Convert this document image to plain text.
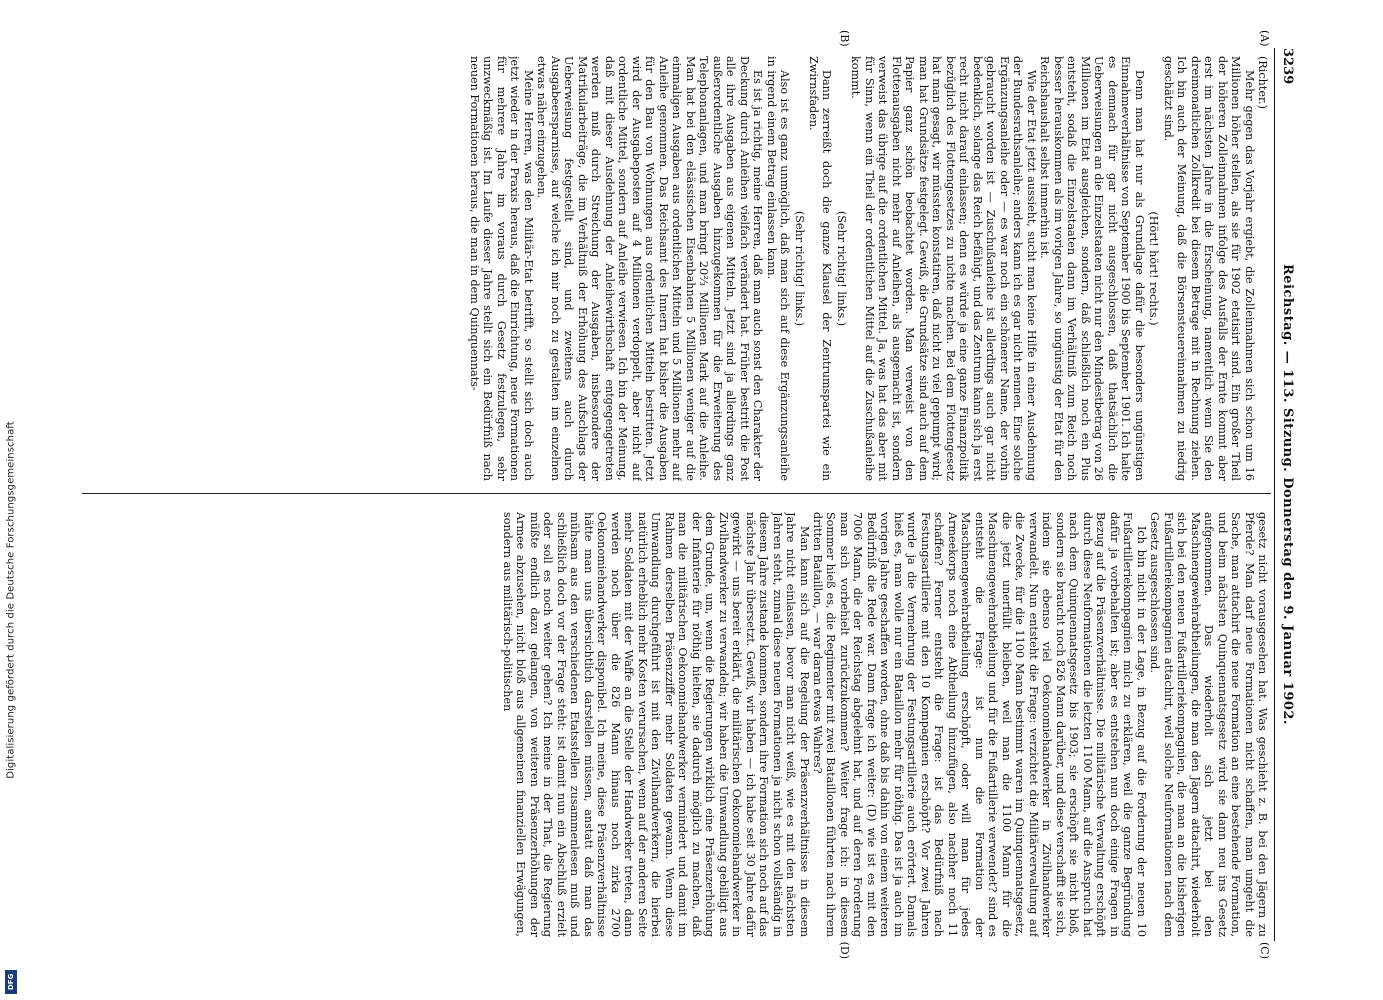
Digitalisierung gefördert durch die Deutsche Forschungsgemeinschaft
DFG
3239
Reichstag. — 113. Sitzung. Donnerstag den 9. Januar 1902.

(Richter.)

Mehr gegen das Vorjahr ergiebt, die Zolleinnahmen sich schon um 16 Millionen höher stellen, als sie für 1902 etatisirt sind. Ein großer Theil der höheren Zolleinnahmen infolge des Ausfalls der Ernte kommt aber erst im nächsten Jahre in die Erscheinung, namentlich wenn Sie den dreimonatlichen Zollkredit bei diesem Betrage mit in Rechnung ziehen. Ich bin auch der Meinung, daß die Börsensteuereinnahmen zu niedrig geschätzt sind.

(Hört! hört! rechts.)

Denn man hat nur als Grundlage dafür die besonders ungünstigen Einnahmeverhältnisse von September 1900 bis September 1901. Ich halte es demnach für gar nicht ausgeschlossen, daß thatsächlich die Ueberweisungen an die Einzelstaaten nicht nur den Mindestbetrag von 26 Millionen im Etat ausgleichen, sondern, daß schließlich noch ein Plus entsteht, sodaß die Einzelstaaten dann im Verhältniß zum Reich noch besser herauskommen als im vorigen Jahre, so ungünstig der Etat für den Reichshaushalt selbst immerhin ist.

Wie der Etat jetzt aussieht, sucht man keine Hilfe in einer Ausdehnung der Bundesrathsanleihe; anders kann ich es gar nicht nennen. Eine solche Ergänzungsanleihe oder — es war noch ein schönerer Name, der vorhin gebraucht worden ist — Zuschußanleihe ist allerdings auch gar nicht bedenklich, solange das Reich befähigt, und das Zentrum kann sich ja erst recht nicht darauf einlassen; denn es würde ja eine ganze Finanzpolitik bezüglich des Flottengesetzes zu nichte machen. Bei dem Flottengesetz hat man gesagt, wir müssten konstatiren, daß nicht zu viel gepumpt wird; man hat Grundsätze festgelegt. Gewiß, die Grundsätze sind auch auf dem Papier ganz schön beobachtet worden. Man verweist von den Flottenausgaben nicht mehr auf Anleihen, als ausgemacht ist, sondern verweist das übrige auf die ordentlichen Mittel. Ja, was hat das aber mit für Sinn, wenn ein Theil der ordentlichen Mittel auf die Zuschußanleihe kommt.

(Sehr richtig! links.)

Dann zerreißt doch die ganze Klausel der Zentrumspartei wie ein Zwirnsfaden.

(Sehr richtig! links.)

Also ist es ganz unmöglich, daß man sich auf diese Ergänzungsanleihe in irgend einem Betrag einlassen kann.

Es ist ja richtig, meine Herren, daß man auch sonst den Charakter der Deckung durch Anleihen vielfach verändert hat. Früher bestritt die Post alle ihre Ausgaben aus eigenen Mitteln. Jetzt sind ja allerdings ganz außerordentliche Ausgaben hinzugekommen für die Erweiterung des Telephonanlagen, und man bringt 20⅔ Millionen Mark auf die Anleihe. Man hat bei den elsässischen Eisenbahnen 5 Millionen weniger auf die einmaligen Ausgaben aus ordentlichen Mitteln und 5 Millionen mehr auf Anleihe genommen. Das Reichsamt des Innern hat bisher die Ausgaben für den Bau von Wohnungen aus ordentlichen Mitteln bestritten. Jetzt wird der Ausgabeposten auf 4 Millionen verdoppelt, aber nicht auf ordentliche Mittel, sondern auf Anleihe verwiesen. Ich bin der Meinung, daß mit dieser Ausdehnung der Anleihewirthschaft entgegengetreten werden muß durch Streichung der Ausgaben, insbesondere der Matrikularbeiträge, die im Verhältniß der Erhöhung des Aufschlags der Ueberweisung festgestellt sind, und zweitens auch durch Ausgabeersparnisse, auf welche ich mir noch zu gestalten im einzelnen etwas näher einzugehen.

Meine Herren, was den Militär-Etat betrifft, so stellt sich doch auch jetzt wieder in der Praxis heraus, daß die Einrichtung, neue Formationen für mehrere Jahre im voraus durch Gesetz festzulegen, sehr unzweckmäßig ist. Im Laufe dieser Jahre stellt sich ein Bedürfniß nach neuen Formationen heraus, die man in dem Quinquennats-

gesetz nicht vorausgesehen hat. Was geschieht z. B. bei den Jägern zu Pferde? Man darf neue Formationen nicht schaffen, man umgeht die Sache, man attachirt die neue Formation an eine bestehende Formation, und beim nächsten Quinquennatsgesetz wird sie dann neu ins Gesetz aufgenommen. Das wiederholt sich jetzt bei den Maschinengewehrabtheilungen, die man den Jägern attachirt, wiederholt sich bei den neuen Fußartilleriekompagnien, die man an die bisherigen Fußartilleriekompagnien attachirt, weil solche Neuformationen nach dem Gesetz ausgeschlossen sind.

Ich bin nicht in der Lage, in Bezug auf die Forderung der neuen 10 Fußartilleriekompagnien mich zu erklären, weil die ganze Begründung dafür ja vorbehalten ist; aber es entstehen nun doch einige Fragen in Bezug auf die Präsenzverhältnisse. Die militärische Verwaltung erschöpft durch diese Neuformationen die letzten 1100 Mann, auf die Anspruch hat nach dem Quinquennatsgesetz bis 1903; sie erschöpft sie nicht bloß, sondern sie braucht noch 826 Mann darüber, und diese verschafft sie sich, indem sie ebenso viel Oekonomiehandwerker in Zivilhandwerker verwandelt. Nun entsteht die Frage: verzichtet die Militärverwaltung auf die Zwecke, für die 1100 Mann bestimmt waren im Quinquennatsgesetz, die jetzt unerfüllt bleiben, weil man die 1100 Mann für die Maschinengewehrabtheilung und für die Fußartillerie verwendet? sind es entsteht die Frage: ist nun die Formation der Maschinengewehrabtheilung erschöpft, oder will man für jedes Armeekorps noch eine Abtheilung hinzufügen, also nachher noch 11 schaffen? Ferner entsteht die Frage: ist das Bedürfniß nach Festungsartillerie mit den 10 Kompagnien erschöpft? Vor zwei Jahren wurde ja die Vermehrung der Festungsartillerie auch erörtert. Damals hieß es, man wolle nur ein Bataillon mehr für nöthig. Das ist ja auch im vorigen Jahre geschaffen worden, ohne daß bis dahin von einem weiteren Bedürfniß die Rede war. Dann frage ich weiter: (D) wie ist es mit den 7006 Mann, die der Reichstag abgelehnt hat, und auf deren Forderung man sich vorbehielt zurückzukommen? Weiter frage ich: in diesem Sommer hieß es, die Regimenter mit zwei Bataillonen führten nach ihrem dritten Bataillon, — war daran etwas Wahres?

Man kann sich auf die Regelung der Präsenzverhältnisse in diesem Jahre nicht einlassen, bevor man nicht weiß, wie es mit den nächsten Jahren steht, zumal diese neuen Formationen ja nicht schon vollständig in diesem Jahre zustande kommen, sondern ihre Formation sich noch auf das nächste Jahr übersetzt. Gewiß, wir haben — ich habe seit 30 Jahre dafür gewirkt — uns bereit erklärt, die militärischen Oekonomiehandwerker in Zivilhandwerker zu verwandeln; wir haben die Umwandlung gebilligt aus dem Grunde, um, wenn die Regierungen wirklich eine Präsenzerhöhung der Infanterie für nöthig hielten, sie dadurch möglich zu machen, daß man die militärischen Oekonomiehandwerker vermindert und damit im Rahmen derselben Präsenzziffer mehr Soldaten gewann. Wenn diese Umwandlung durchgeführt ist mit den Zivilhandwerkern, die hierbei natürlich erheblich mehr Kosten verursachen, wenn auf der anderen Seite mehr Soldaten mit der Waffe an die Stelle der Handwerker treten, dann werden noch über die 826 Mann hinaus noch zirka 2700 Oekonomiehandwerker disponibel. Ich meine, diese Präsenzverhältnisse hätte man uns übersichtlich darstellen müssen, anstatt daß man das mühsam aus den verschiedenen Etatsstellen zusammenlesen muß und schließlich doch vor der Frage steht: ist damit nun ein Abschluß erzielt oder soll es noch weiter gehen? Ich meine in der That, die Regierung müßte endlich dazu gelangen, von weiteren Präsenzerhöhungen der Armee abzusehen, nicht bloß aus allgemeinen finanziellen Erwägungen, sondern aus militärisch-politischen

(A)
(B)
(C)
(D)
